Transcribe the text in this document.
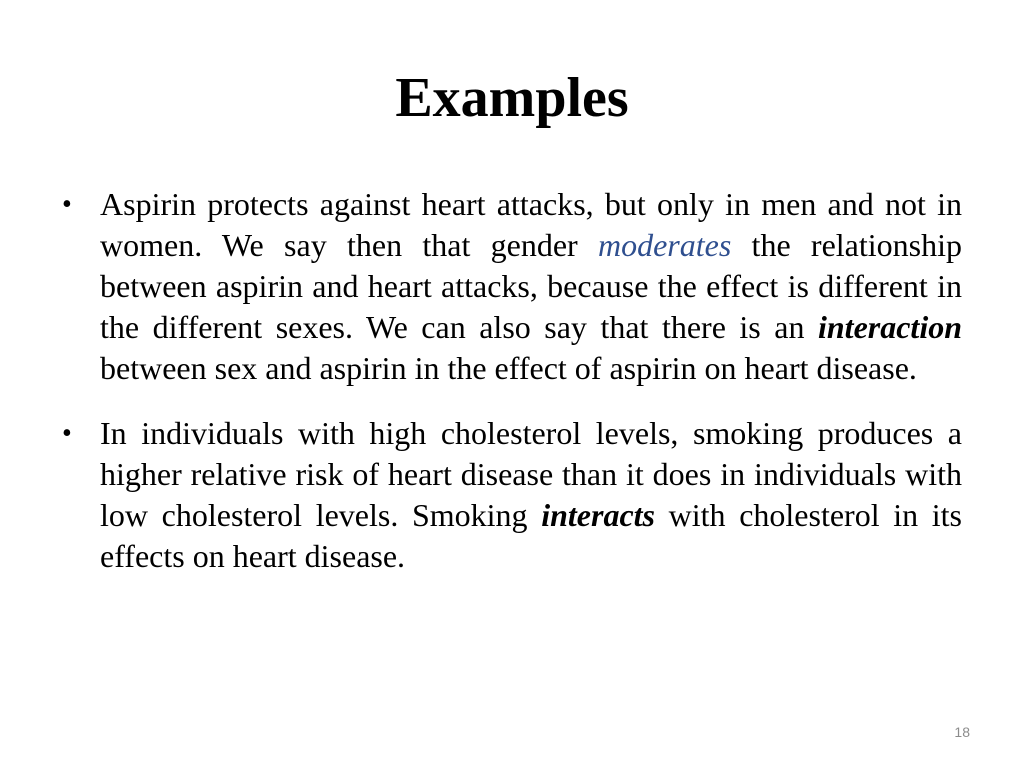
Examples
• Aspirin protects against heart attacks, but only in men and not in women. We say then that gender moderates the relationship between aspirin and heart attacks, because the effect is different in the different sexes. We can also say that there is an interaction between sex and aspirin in the effect of aspirin on heart disease.
• In individuals with high cholesterol levels, smoking produces a higher relative risk of heart disease than it does in individuals with low cholesterol levels. Smoking interacts with cholesterol in its effects on heart disease.
18
